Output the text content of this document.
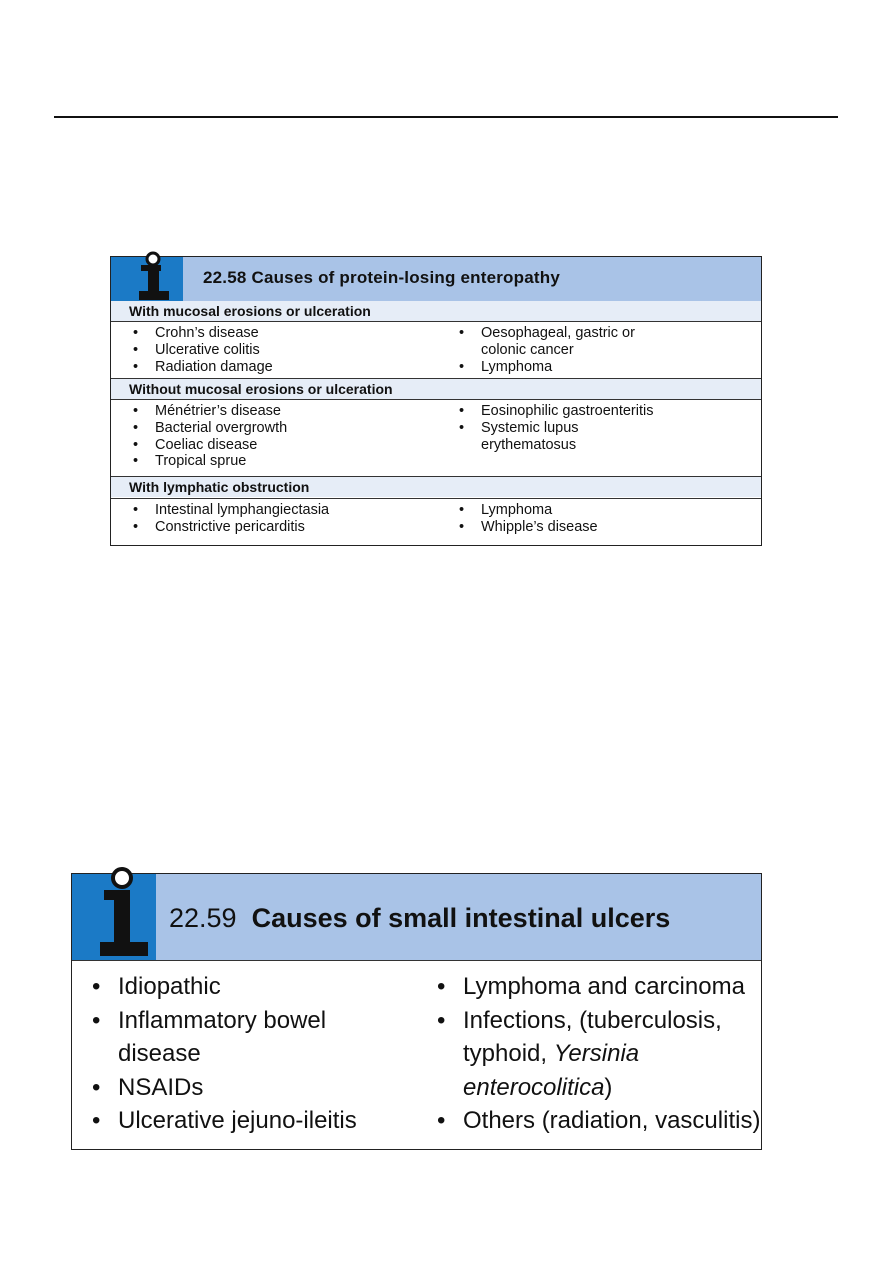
22.58 Causes of protein-losing enteropathy
With mucosal erosions or ulceration
• Crohn’s disease
• Ulcerative colitis
• Radiation damage
• Oesophageal, gastric or
colonic cancer
• Lymphoma
Without mucosal erosions or ulceration
• Ménétrier’s disease
• Bacterial overgrowth
• Coeliac disease
• Tropical sprue
• Eosinophilic gastroenteritis
• Systemic lupus
erythematosus
With lymphatic obstruction
• Intestinal lymphangiectasia
• Constrictive pericarditis
• Lymphoma
• Whipple’s disease
22.59 Causes of small intestinal ulcers
• Idiopathic
• Inflammatory bowel
disease
• NSAIDs
• Ulcerative jejuno-ileitis
• Lymphoma and carcinoma
• Infections, (tuberculosis,
typhoid, Yersinia
enterocolitica)
• Others (radiation, vasculitis)
